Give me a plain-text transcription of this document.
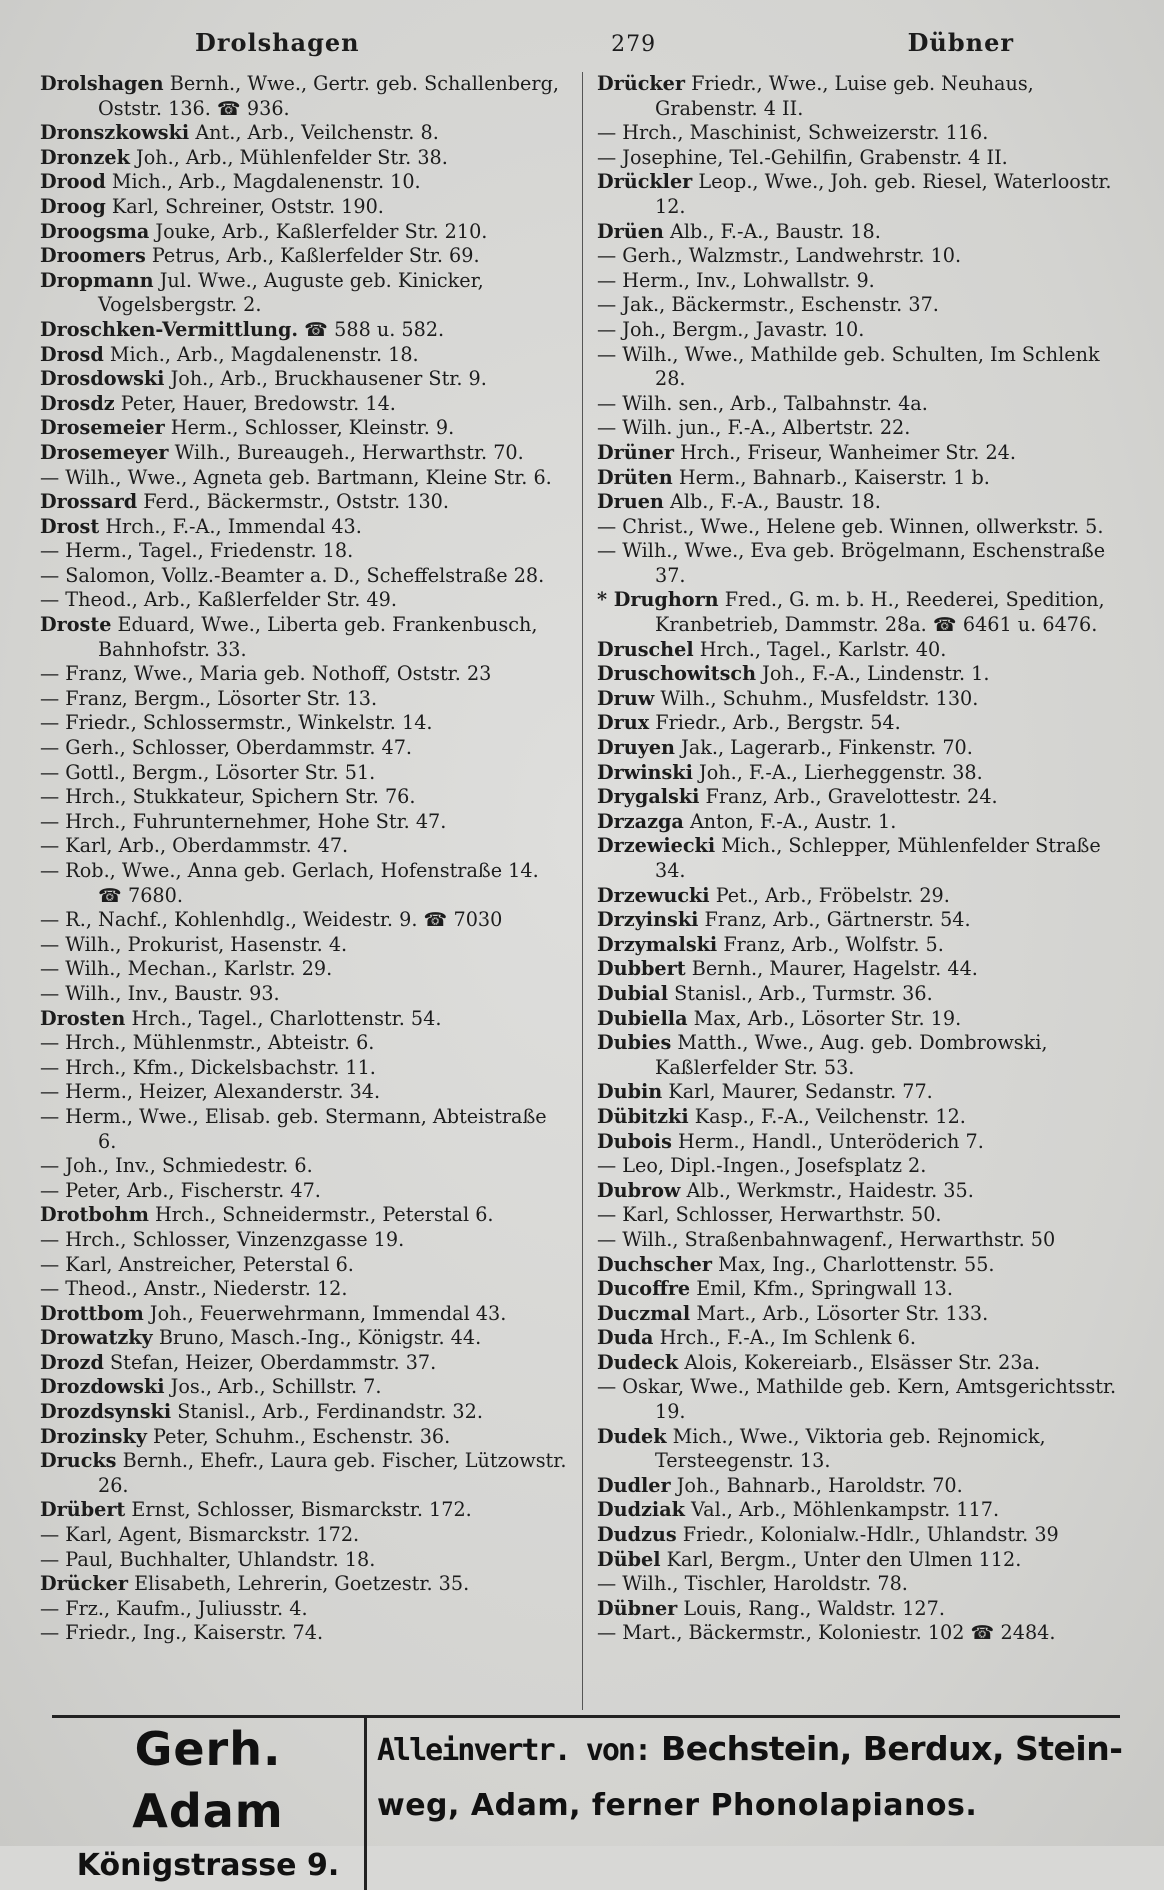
Drolshagen	279	Dübner
Drolshagen Bernh., Wwe., Gertr. geb. Schallenberg, Oststr. 136. ☎ 936.
Dronszkowski Ant., Arb., Veilchenstr. 8.
Dronzek Joh., Arb., Mühlenfelder Str. 38.
Drood Mich., Arb., Magdalenenstr. 10.
Droog Karl, Schreiner, Oststr. 190.
Droogsma Jouke, Arb., Kaßlerfelder Str. 210.
Droomers Petrus, Arb., Kaßlerfelder Str. 69.
Dropmann Jul. Wwe., Auguste geb. Kinicker, Vogelsbergstr. 2.
Droschken-Vermittlung. ☎ 588 u. 582.
Drosd Mich., Arb., Magdalenenstr. 18.
Drosdowski Joh., Arb., Bruckhausener Str. 9.
Drosdz Peter, Hauer, Bredowstr. 14.
Drosemeier Herm., Schlosser, Kleinstr. 9.
Drosemeyer Wilh., Bureaugeh., Herwarthstr. 70.
— Wilh., Wwe., Agneta geb. Bartmann, Kleine Str. 6.
Drossard Ferd., Bäckermstr., Oststr. 130.
Drost Hrch., F.-A., Immendal 43.
— Herm., Tagel., Friedenstr. 18.
— Salomon, Vollz.-Beamter a. D., Scheffelstraße 28.
— Theod., Arb., Kaßlerfelder Str. 49.
Droste Eduard, Wwe., Liberta geb. Frankenbusch, Bahnhofstr. 33.
— Franz, Wwe., Maria geb. Nothoff, Oststr. 23
— Franz, Bergm., Lösorter Str. 13.
— Friedr., Schlossermstr., Winkelstr. 14.
— Gerh., Schlosser, Oberdammstr. 47.
— Gottl., Bergm., Lösorter Str. 51.
— Hrch., Stukkateur, Spichern Str. 76.
— Hrch., Fuhrunternehmer, Hohe Str. 47.
— Karl, Arb., Oberdammstr. 47.
— Rob., Wwe., Anna geb. Gerlach, Hofenstraße 14. ☎ 7680.
— R., Nachf., Kohlenhdlg., Weidestr. 9. ☎ 7030
— Wilh., Prokurist, Hasenstr. 4.
— Wilh., Mechan., Karlstr. 29.
— Wilh., Inv., Baustr. 93.
Drosten Hrch., Tagel., Charlottenstr. 54.
— Hrch., Mühlenmstr., Abteistr. 6.
— Hrch., Kfm., Dickelsbachstr. 11.
— Herm., Heizer, Alexanderstr. 34.
— Herm., Wwe., Elisab. geb. Stermann, Abteistraße 6.
— Joh., Inv., Schmiedestr. 6.
— Peter, Arb., Fischerstr. 47.
Drotbohm Hrch., Schneidermstr., Peterstal 6.
— Hrch., Schlosser, Vinzenzgasse 19.
— Karl, Anstreicher, Peterstal 6.
— Theod., Anstr., Niederstr. 12.
Drottbom Joh., Feuerwehrmann, Immendal 43.
Drowatzky Bruno, Masch.-Ing., Königstr. 44.
Drozd Stefan, Heizer, Oberdammstr. 37.
Drozdowski Jos., Arb., Schillstr. 7.
Drozdsynski Stanisl., Arb., Ferdinandstr. 32.
Drozinsky Peter, Schuhm., Eschenstr. 36.
Drucks Bernh., Ehefr., Laura geb. Fischer, Lützowstr. 26.
Drübert Ernst, Schlosser, Bismarckstr. 172.
— Karl, Agent, Bismarckstr. 172.
— Paul, Buchhalter, Uhlandstr. 18.
Drücker Elisabeth, Lehrerin, Goetzestr. 35.
— Frz., Kaufm., Juliusstr. 4.
— Friedr., Ing., Kaiserstr. 74.
Drücker Friedr., Wwe., Luise geb. Neuhaus, Grabenstr. 4 II.
— Hrch., Maschinist, Schweizerstr. 116.
— Josephine, Tel.-Gehilfin, Grabenstr. 4 II.
Drückler Leop., Wwe., Joh. geb. Riesel, Waterloostr. 12.
Drüen Alb., F.-A., Baustr. 18.
— Gerh., Walzmstr., Landwehrstr. 10.
— Herm., Inv., Lohwallstr. 9.
— Jak., Bäckermstr., Eschenstr. 37.
— Joh., Bergm., Javastr. 10.
— Wilh., Wwe., Mathilde geb. Schulten, Im Schlenk 28.
— Wilh. sen., Arb., Talbahnstr. 4a.
— Wilh. jun., F.-A., Albertstr. 22.
Drüner Hrch., Friseur, Wanheimer Str. 24.
Drüten Herm., Bahnarb., Kaiserstr. 1 b.
Druen Alb., F.-A., Baustr. 18.
— Christ., Wwe., Helene geb. Winnen, ollwerkstr. 5.
— Wilh., Wwe., Eva geb. Brögelmann, Eschenstraße 37.
* Drughorn Fred., G. m. b. H., Reederei, Spedition, Kranbetrieb, Dammstr. 28a. ☎ 6461 u. 6476.
Druschel Hrch., Tagel., Karlstr. 40.
Druschowitsch Joh., F.-A., Lindenstr. 1.
Druw Wilh., Schuhm., Musfeldstr. 130.
Drux Friedr., Arb., Bergstr. 54.
Druyen Jak., Lagerarb., Finkenstr. 70.
Drwinski Joh., F.-A., Lierheggenstr. 38.
Drygalski Franz, Arb., Gravelottestr. 24.
Drzazga Anton, F.-A., Austr. 1.
Drzewiecki Mich., Schlepper, Mühlenfelder Straße 34.
Drzewucki Pet., Arb., Fröbelstr. 29.
Drzyinski Franz, Arb., Gärtnerstr. 54.
Drzymalski Franz, Arb., Wolfstr. 5.
Dubbert Bernh., Maurer, Hagelstr. 44.
Dubial Stanisl., Arb., Turmstr. 36.
Dubiella Max, Arb., Lösorter Str. 19.
Dubies Matth., Wwe., Aug. geb. Dombrowski, Kaßlerfelder Str. 53.
Dubin Karl, Maurer, Sedanstr. 77.
Dübitzki Kasp., F.-A., Veilchenstr. 12.
Dubois Herm., Handl., Unteröderich 7.
— Leo, Dipl.-Ingen., Josefsplatz 2.
Dubrow Alb., Werkmstr., Haidestr. 35.
— Karl, Schlosser, Herwarthstr. 50.
— Wilh., Straßenbahnwagenf., Herwarthstr. 50
Duchscher Max, Ing., Charlottenstr. 55.
Ducoffre Emil, Kfm., Springwall 13.
Duczmal Mart., Arb., Lösorter Str. 133.
Duda Hrch., F.-A., Im Schlenk 6.
Dudeck Alois, Kokereiarb., Elsässer Str. 23a.
— Oskar, Wwe., Mathilde geb. Kern, Amtsgerichtsstr. 19.
Dudek Mich., Wwe., Viktoria geb. Rejnomick, Tersteegenstr. 13.
Dudler Joh., Bahnarb., Haroldstr. 70.
Dudziak Val., Arb., Möhlenkampstr. 117.
Dudzus Friedr., Kolonialw.-Hdlr., Uhlandstr. 39
Dübel Karl, Bergm., Unter den Ulmen 112.
— Wilh., Tischler, Haroldstr. 78.
Dübner Louis, Rang., Waldstr. 127.
— Mart., Bäckermstr., Koloniestr. 102 ☎ 2484.
Gerh. Adam
Königstrasse 9.
Alleinvertr. von: Bechstein, Berdux, Stein-
weg, Adam, ferner Phonolapianos.
